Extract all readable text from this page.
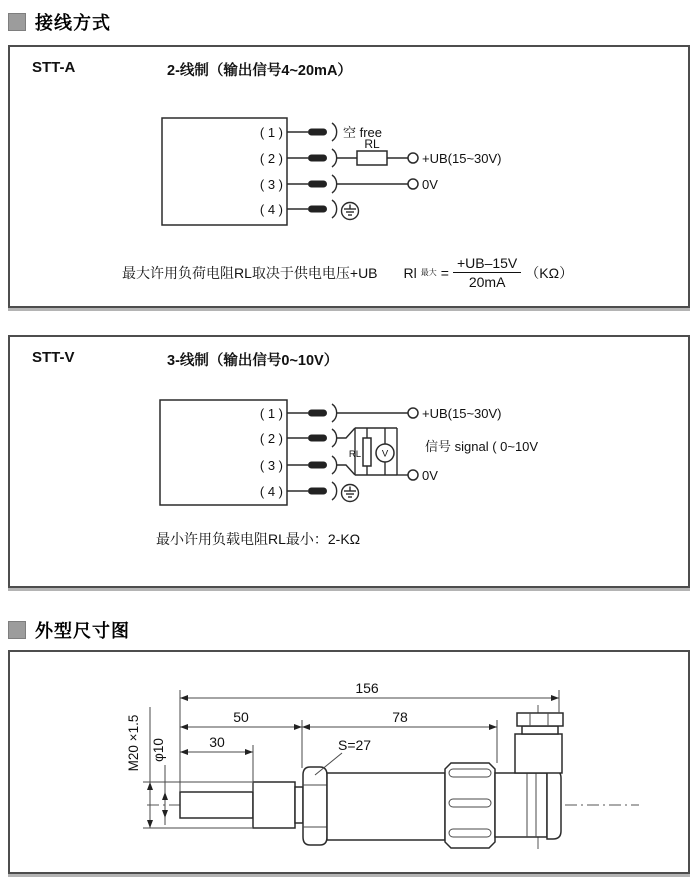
接线方式
STT-A	2-线制（输出信号4~20mA）
( 1 )
( 2 )
( 3 )
( 4 )
空 free
RL
+UB(15~30V)
0V
最大许用负荷电阻RL取决于供电电压+UB Rl 最大 = $\frac{+UB-15V}{20mA} (K\Omega)$
STT-V	3-线制（输出信号0~10V）
( 1 )
( 2 )
( 3 )
( 4 )
+UB(15~30V)
RL V	信号 signal ( 0~10V
0V
最小许用负载电阻RL最小：2-KΩ
外型尺寸图
156
50	78
30
M20 ×1.5 φ10	S=27
